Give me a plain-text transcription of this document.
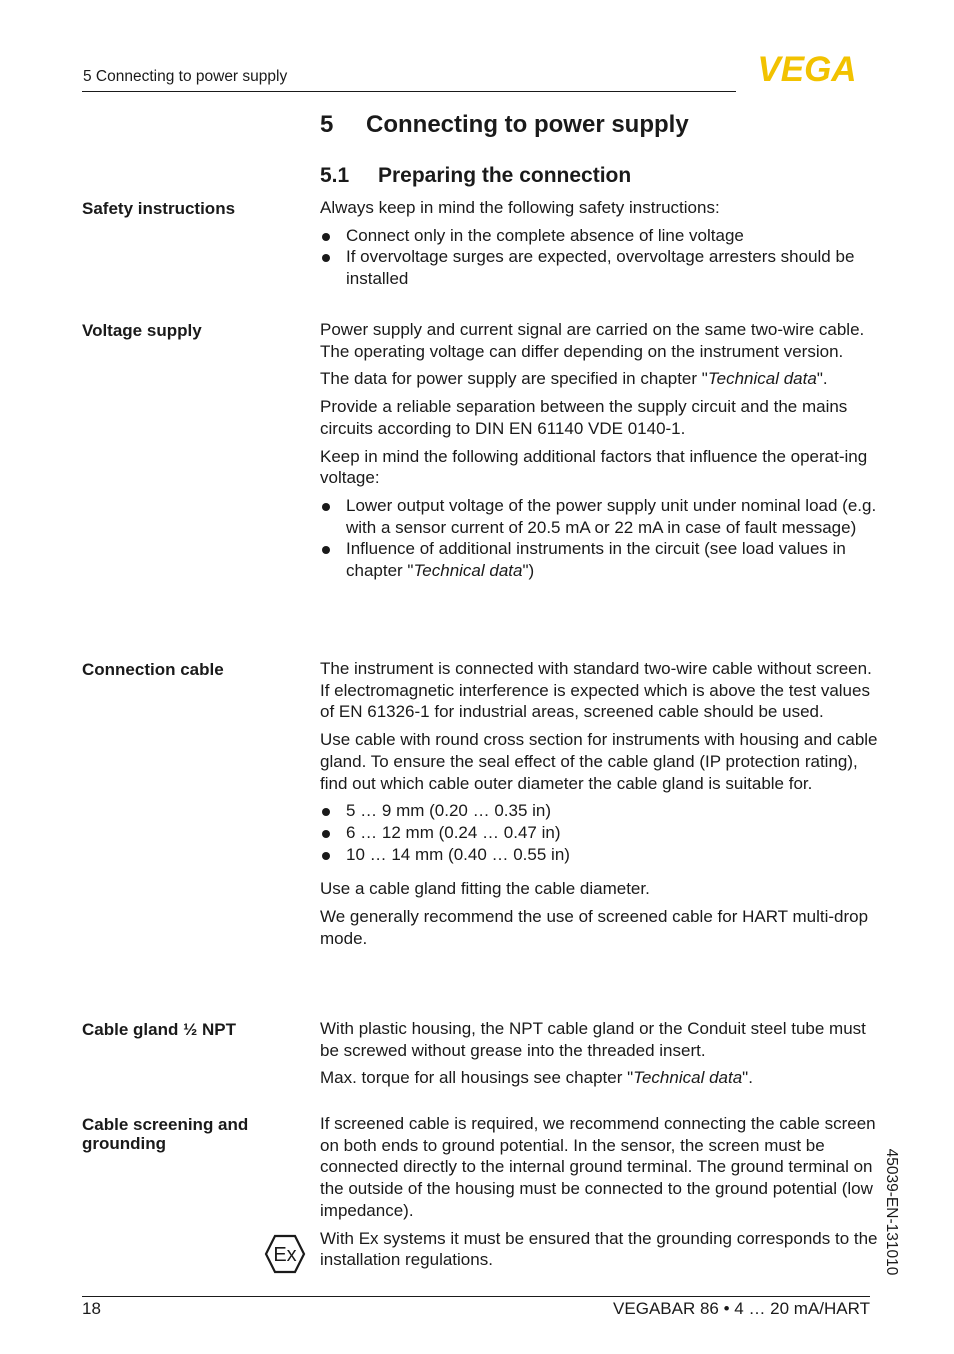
5 Connecting to power supply	VEGA
5 Connecting to power supply
5.1 Preparing the connection
Safety instructions	Always keep in mind the following safety instructions:

Connect only in the complete absence of line voltage

If overvoltage surges are expected, overvoltage arresters should be installed

Voltage supply	Power supply and current signal are carried on the same two-wire cable. The operating voltage can differ depending on the instrument version.

The data for power supply are specified in chapter "Technical data".

Provide a reliable separation between the supply circuit and the mains circuits according to DIN EN 61140 VDE 0140-1.

Keep in mind the following additional factors that influence the operat-ing voltage:

Lower output voltage of the power supply unit under nominal load (e.g. with a sensor current of 20.5 mA or 22 mA in case of fault message)

Influence of additional instruments in the circuit (see load values in chapter "Technical data")

Connection cable	The instrument is connected with standard two-wire cable without screen. If electromagnetic interference is expected which is above the test values of EN 61326-1 for industrial areas, screened cable should be used.

Use cable with round cross section for instruments with housing and cable gland. To ensure the seal effect of the cable gland (IP protection rating), find out which cable outer diameter the cable gland is suitable for.

5 … 9 mm (0.20 … 0.35 in)

6 … 12 mm (0.24 … 0.47 in)

10 … 14 mm (0.40 … 0.55 in)

Use a cable gland fitting the cable diameter.

We generally recommend the use of screened cable for HART multi-drop mode.

Cable gland ½ NPT	With plastic housing, the NPT cable gland or the Conduit steel tube must be screwed without grease into the threaded insert.

Max. torque for all housings see chapter "Technical data".

Cable screening and grounding

If screened cable is required, we recommend connecting the cable screen on both ends to ground potential. In the sensor, the screen must be connected directly to the internal ground terminal. The ground terminal on the outside of the housing must be connected to the ground potential (low impedance).

With Ex systems it must be ensured that the grounding corresponds to the installation regulations.

Ex	45039-EN-131010
18	VEGABAR 86 • 4 … 20 mA/HART
